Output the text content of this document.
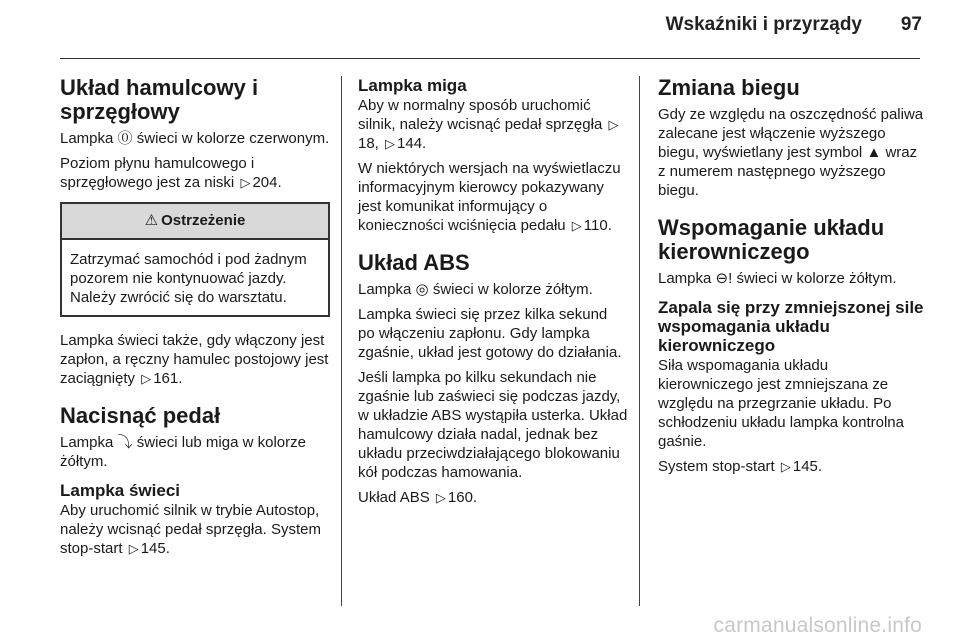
Wskaźniki i przyrządy 97
Układ hamulcowy i sprzęgłowy

Lampka ⓪ świeci w kolorze czerwonym.

Poziom płynu hamulcowego i sprzęgłowego jest za niski ▷ 204.

⚠ Ostrzeżenie

Zatrzymać samochód i pod żadnym pozorem nie kontynuować jazdy. Należy zwrócić się do warsztatu.

Lampka świeci także, gdy włączony jest zapłon, a ręczny hamulec postojowy jest zaciągnięty ▷ 161.

Nacisnąć pedał

Lampka ⤵ świeci lub miga w kolorze żółtym.

Lampka świeci

Aby uruchomić silnik w trybie Autostop, należy wcisnąć pedał sprzęgła. System stop-start ▷ 145.

Lampka miga

Aby w normalny sposób uruchomić silnik, należy wcisnąć pedał sprzęgła ▷18, ▷ 144.

W niektórych wersjach na wyświetlaczu informacyjnym kierowcy pokazywany jest komunikat informujący o konieczności wciśnięcia pedału ▷ 110.

Układ ABS

Lampka ◎ świeci w kolorze żółtym.

Lampka świeci się przez kilka sekund po włączeniu zapłonu. Gdy lampka zgaśnie, układ jest gotowy do działania.

Jeśli lampka po kilku sekundach nie zgaśnie lub zaświeci się podczas jazdy, w układzie ABS wystąpiła usterka. Układ hamulcowy działa nadal, jednak bez układu przeciwdziałającego blokowaniu kół podczas hamowania.

Układ ABS ▷ 160.

Zmiana biegu

Gdy ze względu na oszczędność paliwa zalecane jest włączenie wyższego biegu, wyświetlany jest symbol ▲ wraz z numerem następnego wyższego biegu.

Wspomaganie układu kierowniczego

Lampka ⊖! świeci w kolorze żółtym.

Zapala się przy zmniejszonej sile wspomagania układu kierowniczego

Siła wspomagania układu kierowniczego jest zmniejszana ze względu na przegrzanie układu. Po schłodzeniu układu lampka kontrolna gaśnie.

System stop-start ▷ 145.

carmanualsonline.info
